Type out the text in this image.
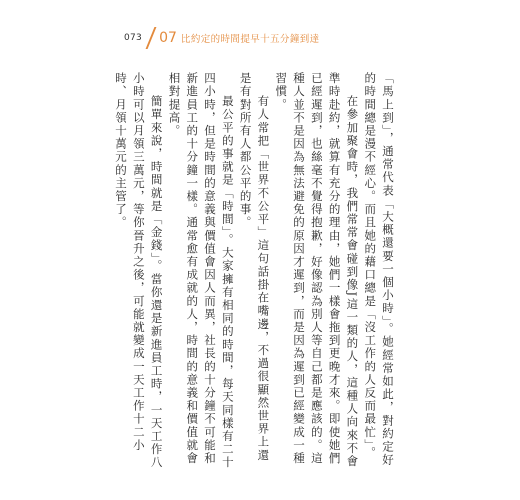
073 07 比約定的時間提早十五分鐘到達

「馬上到」，通常代表「大概還要一個小時」。她經常如此，對約定好的時間總是漫不經心。而且她的藉口總是「沒工作的人反而最忙」。

在參加聚會時，我們常常會碰到像J這一類的人，這種人向來不會準時赴約，就算有充分的理由，她們一樣會拖到更晚才來。即使她們已經遲到，也絲毫不覺得抱歉，好像認為別人等自己都是應該的。這種人並不是因為無法避免的原因才遲到，而是因為遲到已經變成一種習慣。

有人常把「世界不公平」這句話掛在嘴邊，不過很顯然世界上還是有對所有人都公平的事。

最公平的事就是「時間」。大家擁有相同的時間，每天同樣有二十四小時，但是時間的意義與價值會因人而異，社長的十分鐘不可能和新進員工的十分鐘一樣。通常愈有成就的人，時間的意義和價值就會相對提高。

簡單來說，時間就是「金錢」。當你還是新進員工時，一天工作八小時可以月領三萬元，等你晉升之後，可能就變成一天工作十二小時、月領十萬元的主管了。
